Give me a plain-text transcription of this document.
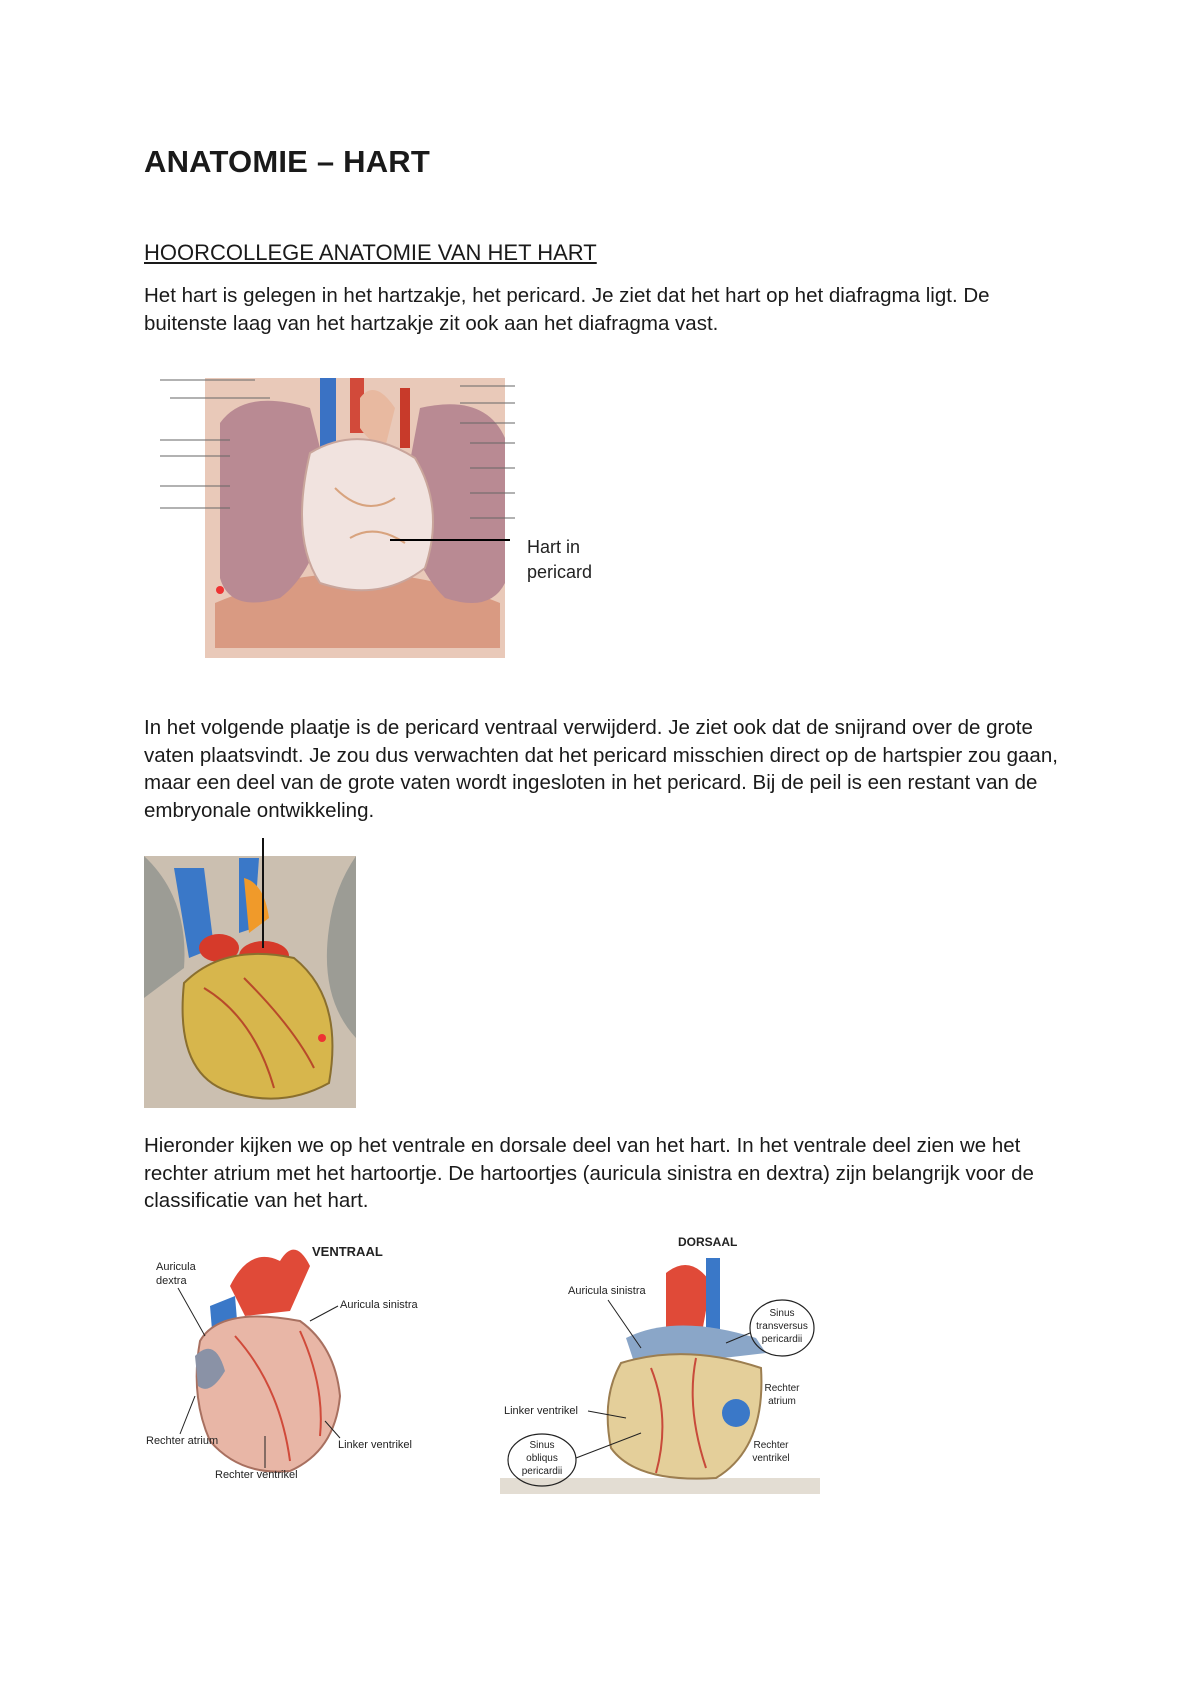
ANATOMIE – HART
HOORCOLLEGE ANATOMIE VAN HET HART

Het hart is gelegen in het hartzakje, het pericard. Je ziet dat het hart op het diafragma ligt. De buitenste laag van het hartzakje zit ook aan het diafragma vast.

Hart in
pericard

In het volgende plaatje is de pericard ventraal verwijderd. Je ziet ook dat de snijrand over de grote vaten plaatsvindt. Je zou dus verwachten dat het pericard misschien direct op de hartspier zou gaan, maar een deel van de grote vaten wordt ingesloten in het pericard. Bij de peil is een restant van de embryonale ontwikkeling.

Hieronder kijken we op het ventrale en dorsale deel van het hart. In het ventrale deel zien we het rechter atrium met het hartoortje. De hartoortjes (auricula sinistra en dextra) zijn belangrijk voor de classificatie van het hart.

VENTRAAL
Auricula
dextra
Auricula sinistra
Rechter atrium	Linker ventrikel
Rechter ventrikel
DORSAAL
Auricula sinistra
Sinus
transversus
pericardii
Rechter
atrium
Linker ventrikel
Sinus
obliqus
pericardii
Rechter
ventrikel
